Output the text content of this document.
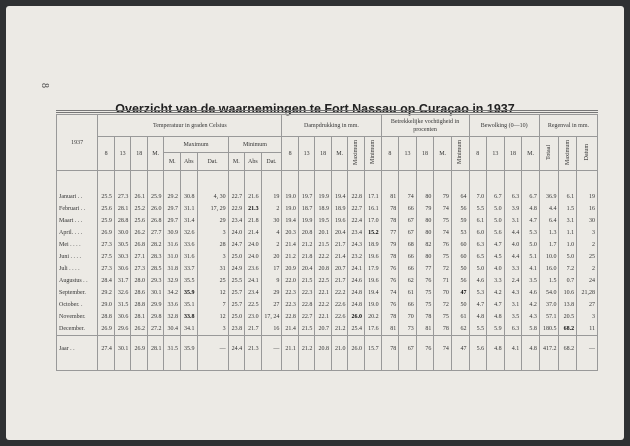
8
Overzicht van de waarnemingen te Fort Nassau op Curaçao in 1937
1937	Temperatuur in graden Celsius										Dampdrukking in mm.						Betrekkelijke vochtigheid in procenten					Bewolking (0—10)				Regenval in mm.		
	8	13	18	M.	Maximum			Minimum			8	13	18	M.	Maximum	Minimum	8	13	18	M.	Minimum	8	13	18	M.	Totaal	Maximum	Datum
					M.	Abs	Dat.	M.	Abs	Dat.																		

Januari . .	25.5	27.3	26.1	25.9	29.2	30.8	4, 30	22.7	21.6	19	19.0	19.7	19.9	19.4	22.8	17.1	81	74	80	79	64	7.0	6.7	6.3	6.7	36.9	6.1	19
Februari . .	25.6	28.1	25.2	26.0	29.7	31.1	17, 29	22.9	21.3	2	19.0	18.7	18.9	18.9	22.7	16.1	78	66	79	74	56	5.5	5.0	3.9	4.8	4.4	1.5	16
Maart . . .	25.9	28.8	25.6	26.8	29.7	31.4	29	23.4	21.8	30	19.4	19.9	19.5	19.6	22.4	17.0	78	67	80	75	59	6.1	5.0	3.1	4.7	6.4	3.1	30
April. . . .	26.9	30.0	26.2	27.7	30.9	32.6	3	24.0	21.4	4	20.3	20.8	20.1	20.4	23.4	15.2	77	67	80	74	53	6.0	5.6	4.4	5.3	1.3	1.1	3
Mei . . . .	27.3	30.5	26.8	28.2	31.6	33.6	28	24.7	24.0	2	21.4	21.2	21.5	21.7	24.3	18.9	79	68	82	76	60	6.3	4.7	4.0	5.0	1.7	1.0	2
Juni . . . .	27.5	30.3	27.1	28.3	31.0	31.6	3	25.0	24.0	20	21.2	21.8	22.2	21.4	23.2	19.6	78	66	80	75	60	6.5	4.5	4.4	5.1	10.0	5.0	25
Juli . . . .	27.3	30.6	27.3	28.5	31.8	33.7	31	24.9	23.6	17	20.9	20.4	20.8	20.7	24.1	17.9	76	66	77	72	50	5.0	4.0	3.3	4.1	16.0	7.2	2
Augustus . .	28.4	31.7	28.0	29.3	32.9	35.5	25	25.5	24.1	9	22.0	21.5	22.5	21.7	24.6	19.6	76	62	76	71	56	4.6	3.3	2.4	3.5	1.5	0.7	24
September.	29.2	32.6	28.6	30.1	34.2	35.9	12	25.7	23.4	29	22.3	22.3	22.1	22.2	24.8	19.4	74	61	75	70	47	5.3	4.2	4.3	4.6	54.0	10.6	21,28
October. .	29.0	31.5	28.8	29.9	33.6	35.1	7	25.7	22.5	27	22.3	22.8	22.2	22.6	24.8	19.0	76	66	75	72	50	4.7	4.7	3.1	4.2	37.0	13.8	27
November.	28.8	30.6	28.1	29.8	32.8	33.8	12	25.0	23.0	17, 24	22.8	22.7	22.1	22.6	26.0	20.2	78	70	78	75	61	4.8	4.8	3.5	4.3	57.1	20.5	3
December.	26.9	29.6	26.2	27.2	30.4	34.1	3	23.8	21.7	16	21.4	21.5	20.7	21.2	25.4	17.6	81	73	81	78	62	5.5	5.9	6.3	5.8	180.5	68.2	11
Jaar . .	27.4	30.1	26.9	28.1	31.5	35.9	—	24.4	21.3	—	21.1	21.2	20.8	21.0	26.0	15.7	78	67	76	74	47	5.6	4.8	4.1	4.8	417.2	68.2	—
